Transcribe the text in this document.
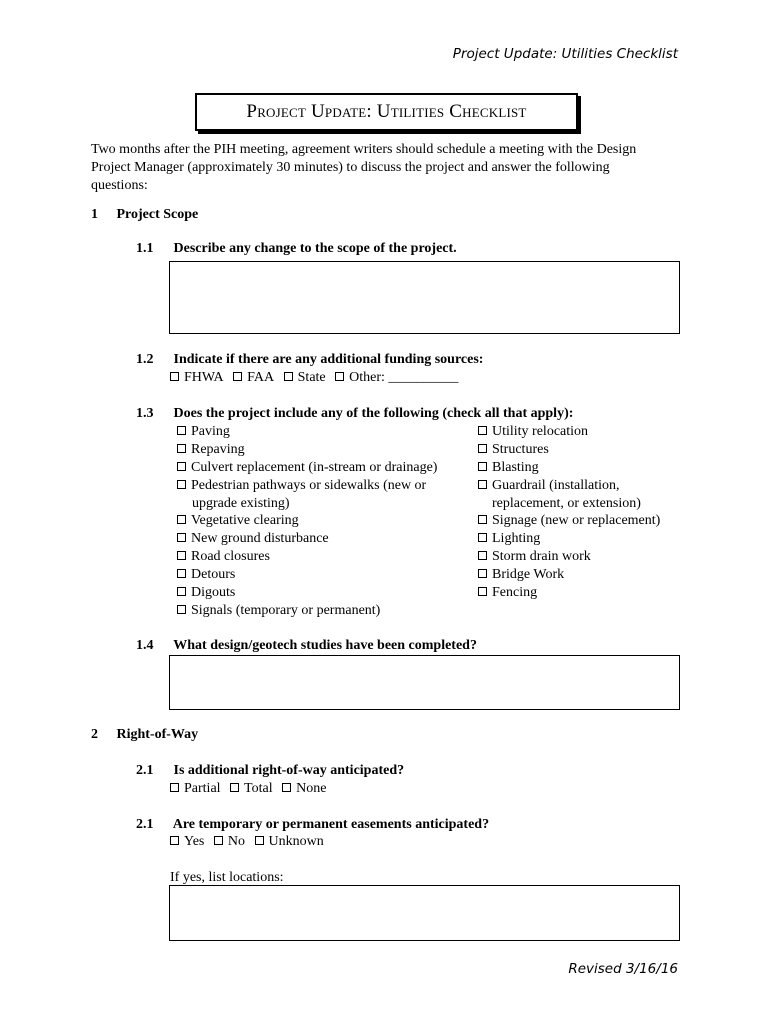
Project Update: Utilities Checklist
Project Update: Utilities Checklist
Two months after the PIH meeting, agreement writers should schedule a meeting with the Design Project Manager (approximately 30 minutes) to discuss the project and answer the following questions:
1 Project Scope
1.1 Describe any change to the scope of the project.
1.2 Indicate if there are any additional funding sources:
FHWA FAA State Other: __________
1.3 Does the project include any of the following (check all that apply):
Paving
Repaving
Culvert replacement (in-stream or drainage)
Pedestrian pathways or sidewalks (new or
upgrade existing)
Vegetative clearing
New ground disturbance
Road closures
Detours
Digouts
Signals (temporary or permanent)
Utility relocation
Structures
Blasting
Guardrail (installation,
replacement, or extension)
Signage (new or replacement)
Lighting
Storm drain work
Bridge Work
Fencing
1.4 What design/geotech studies have been completed?
2 Right-of-Way
2.1 Is additional right-of-way anticipated?
Partial Total None
2.1 Are temporary or permanent easements anticipated?
Yes No Unknown
If yes, list locations:
Revised 3/16/16
